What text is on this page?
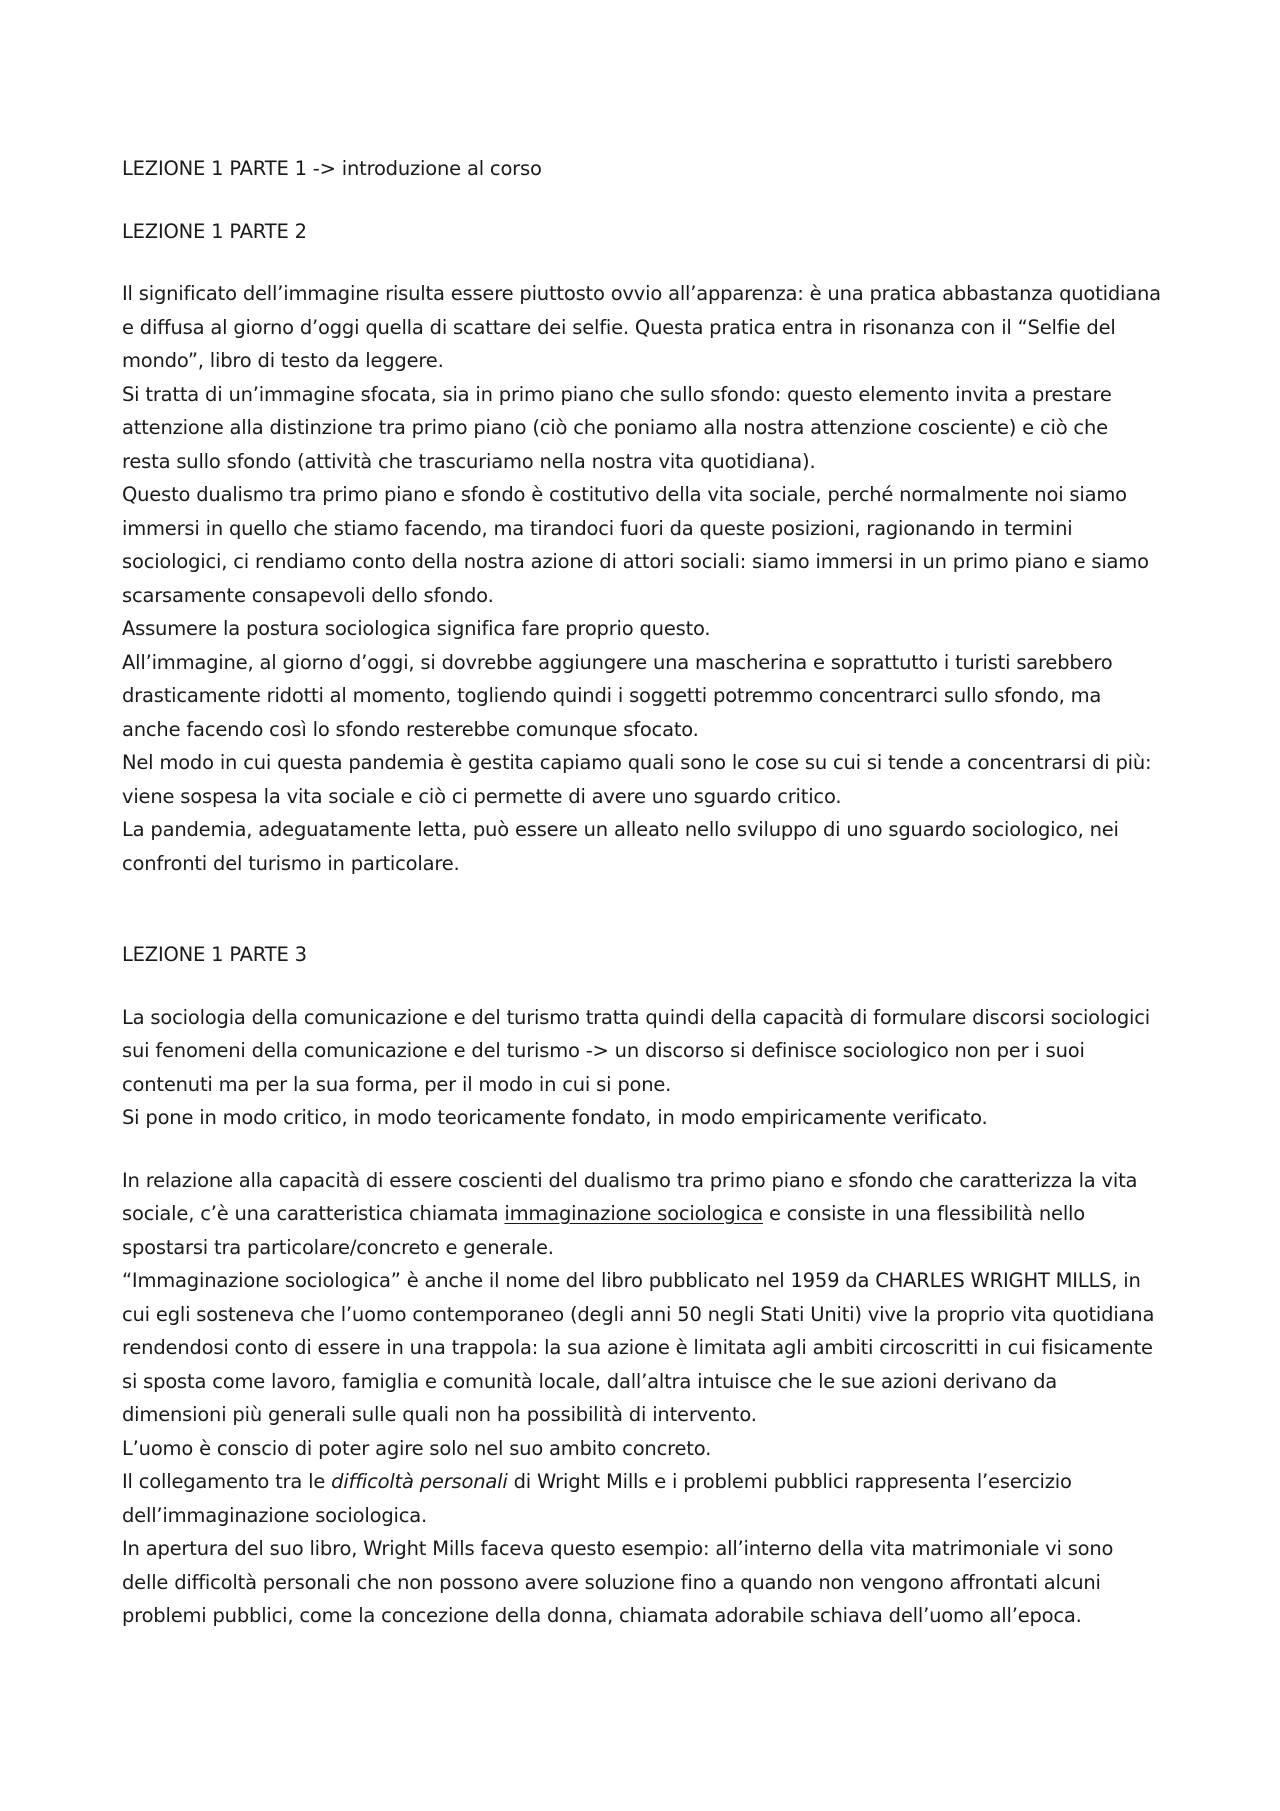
LEZIONE 1 PARTE 1 -> introduzione al corso

LEZIONE 1 PARTE 2

Il significato dell’immagine risulta essere piuttosto ovvio all’apparenza: è una pratica abbastanza quotidiana e diffusa al giorno d’oggi quella di scattare dei selfie. Questa pratica entra in risonanza con il “Selfie del mondo”, libro di testo da leggere.

Si tratta di un’immagine sfocata, sia in primo piano che sullo sfondo: questo elemento invita a prestare attenzione alla distinzione tra primo piano (ciò che poniamo alla nostra attenzione cosciente) e ciò che resta sullo sfondo (attività che trascuriamo nella nostra vita quotidiana).

Questo dualismo tra primo piano e sfondo è costitutivo della vita sociale, perché normalmente noi siamo immersi in quello che stiamo facendo, ma tirandoci fuori da queste posizioni, ragionando in termini sociologici, ci rendiamo conto della nostra azione di attori sociali: siamo immersi in un primo piano e siamo scarsamente consapevoli dello sfondo.

Assumere la postura sociologica significa fare proprio questo.

All’immagine, al giorno d’oggi, si dovrebbe aggiungere una mascherina e soprattutto i turisti sarebbero drasticamente ridotti al momento, togliendo quindi i soggetti potremmo concentrarci sullo sfondo, ma anche facendo così lo sfondo resterebbe comunque sfocato.

Nel modo in cui questa pandemia è gestita capiamo quali sono le cose su cui si tende a concentrarsi di più: viene sospesa la vita sociale e ciò ci permette di avere uno sguardo critico.

La pandemia, adeguatamente letta, può essere un alleato nello sviluppo di uno sguardo sociologico, nei confronti del turismo in particolare.

LEZIONE 1 PARTE 3

La sociologia della comunicazione e del turismo tratta quindi della capacità di formulare discorsi sociologici sui fenomeni della comunicazione e del turismo -> un discorso si definisce sociologico non per i suoi contenuti ma per la sua forma, per il modo in cui si pone.

Si pone in modo critico, in modo teoricamente fondato, in modo empiricamente verificato.

In relazione alla capacità di essere coscienti del dualismo tra primo piano e sfondo che caratterizza la vita sociale, c’è una caratteristica chiamata immaginazione sociologica e consiste in una flessibilità nello spostarsi tra particolare/concreto e generale.

“Immaginazione sociologica” è anche il nome del libro pubblicato nel 1959 da CHARLES WRIGHT MILLS, in cui egli sosteneva che l’uomo contemporaneo (degli anni 50 negli Stati Uniti) vive la proprio vita quotidiana rendendosi conto di essere in una trappola: la sua azione è limitata agli ambiti circoscritti in cui fisicamente si sposta come lavoro, famiglia e comunità locale, dall’altra intuisce che le sue azioni derivano da dimensioni più generali sulle quali non ha possibilità di intervento.

L’uomo è conscio di poter agire solo nel suo ambito concreto.

Il collegamento tra le difficoltà personali di Wright Mills e i problemi pubblici rappresenta l’esercizio dell’immaginazione sociologica.

In apertura del suo libro, Wright Mills faceva questo esempio: all’interno della vita matrimoniale vi sono delle difficoltà personali che non possono avere soluzione fino a quando non vengono affrontati alcuni problemi pubblici, come la concezione della donna, chiamata adorabile schiava dell’uomo all’epoca.
